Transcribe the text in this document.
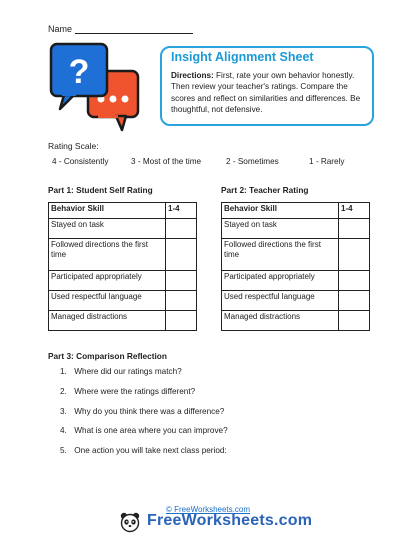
Name
?	Insight Alignment Sheet
Directions: First, rate your own behavior honestly. Then review your teacher's ratings. Compare the scores and reflect on similarities and differences. Be thoughtful, not defensive.
Rating Scale:
4 - Consistently	3 - Most of the time	2 - Sometimes	1 - Rarely
Part 1: Student Self Rating
Behavior Skill	1-4
Stayed on task	
Followed directions the first time	
Participated appropriately	
Used respectful language	
Managed distractions	
Part 2: Teacher Rating
Behavior Skill	1-4
Stayed on task	
Followed directions the first time	
Participated appropriately	
Used respectful language	
Managed distractions	
Part 3: Comparison Reflection
1. Where did our ratings match?
2. Where were the ratings different?
3. Why do you think there was a difference?
4. What is one area where you can improve?
5. One action you will take next class period:
© FreeWorksheets.com
FreeWorksheets.com
